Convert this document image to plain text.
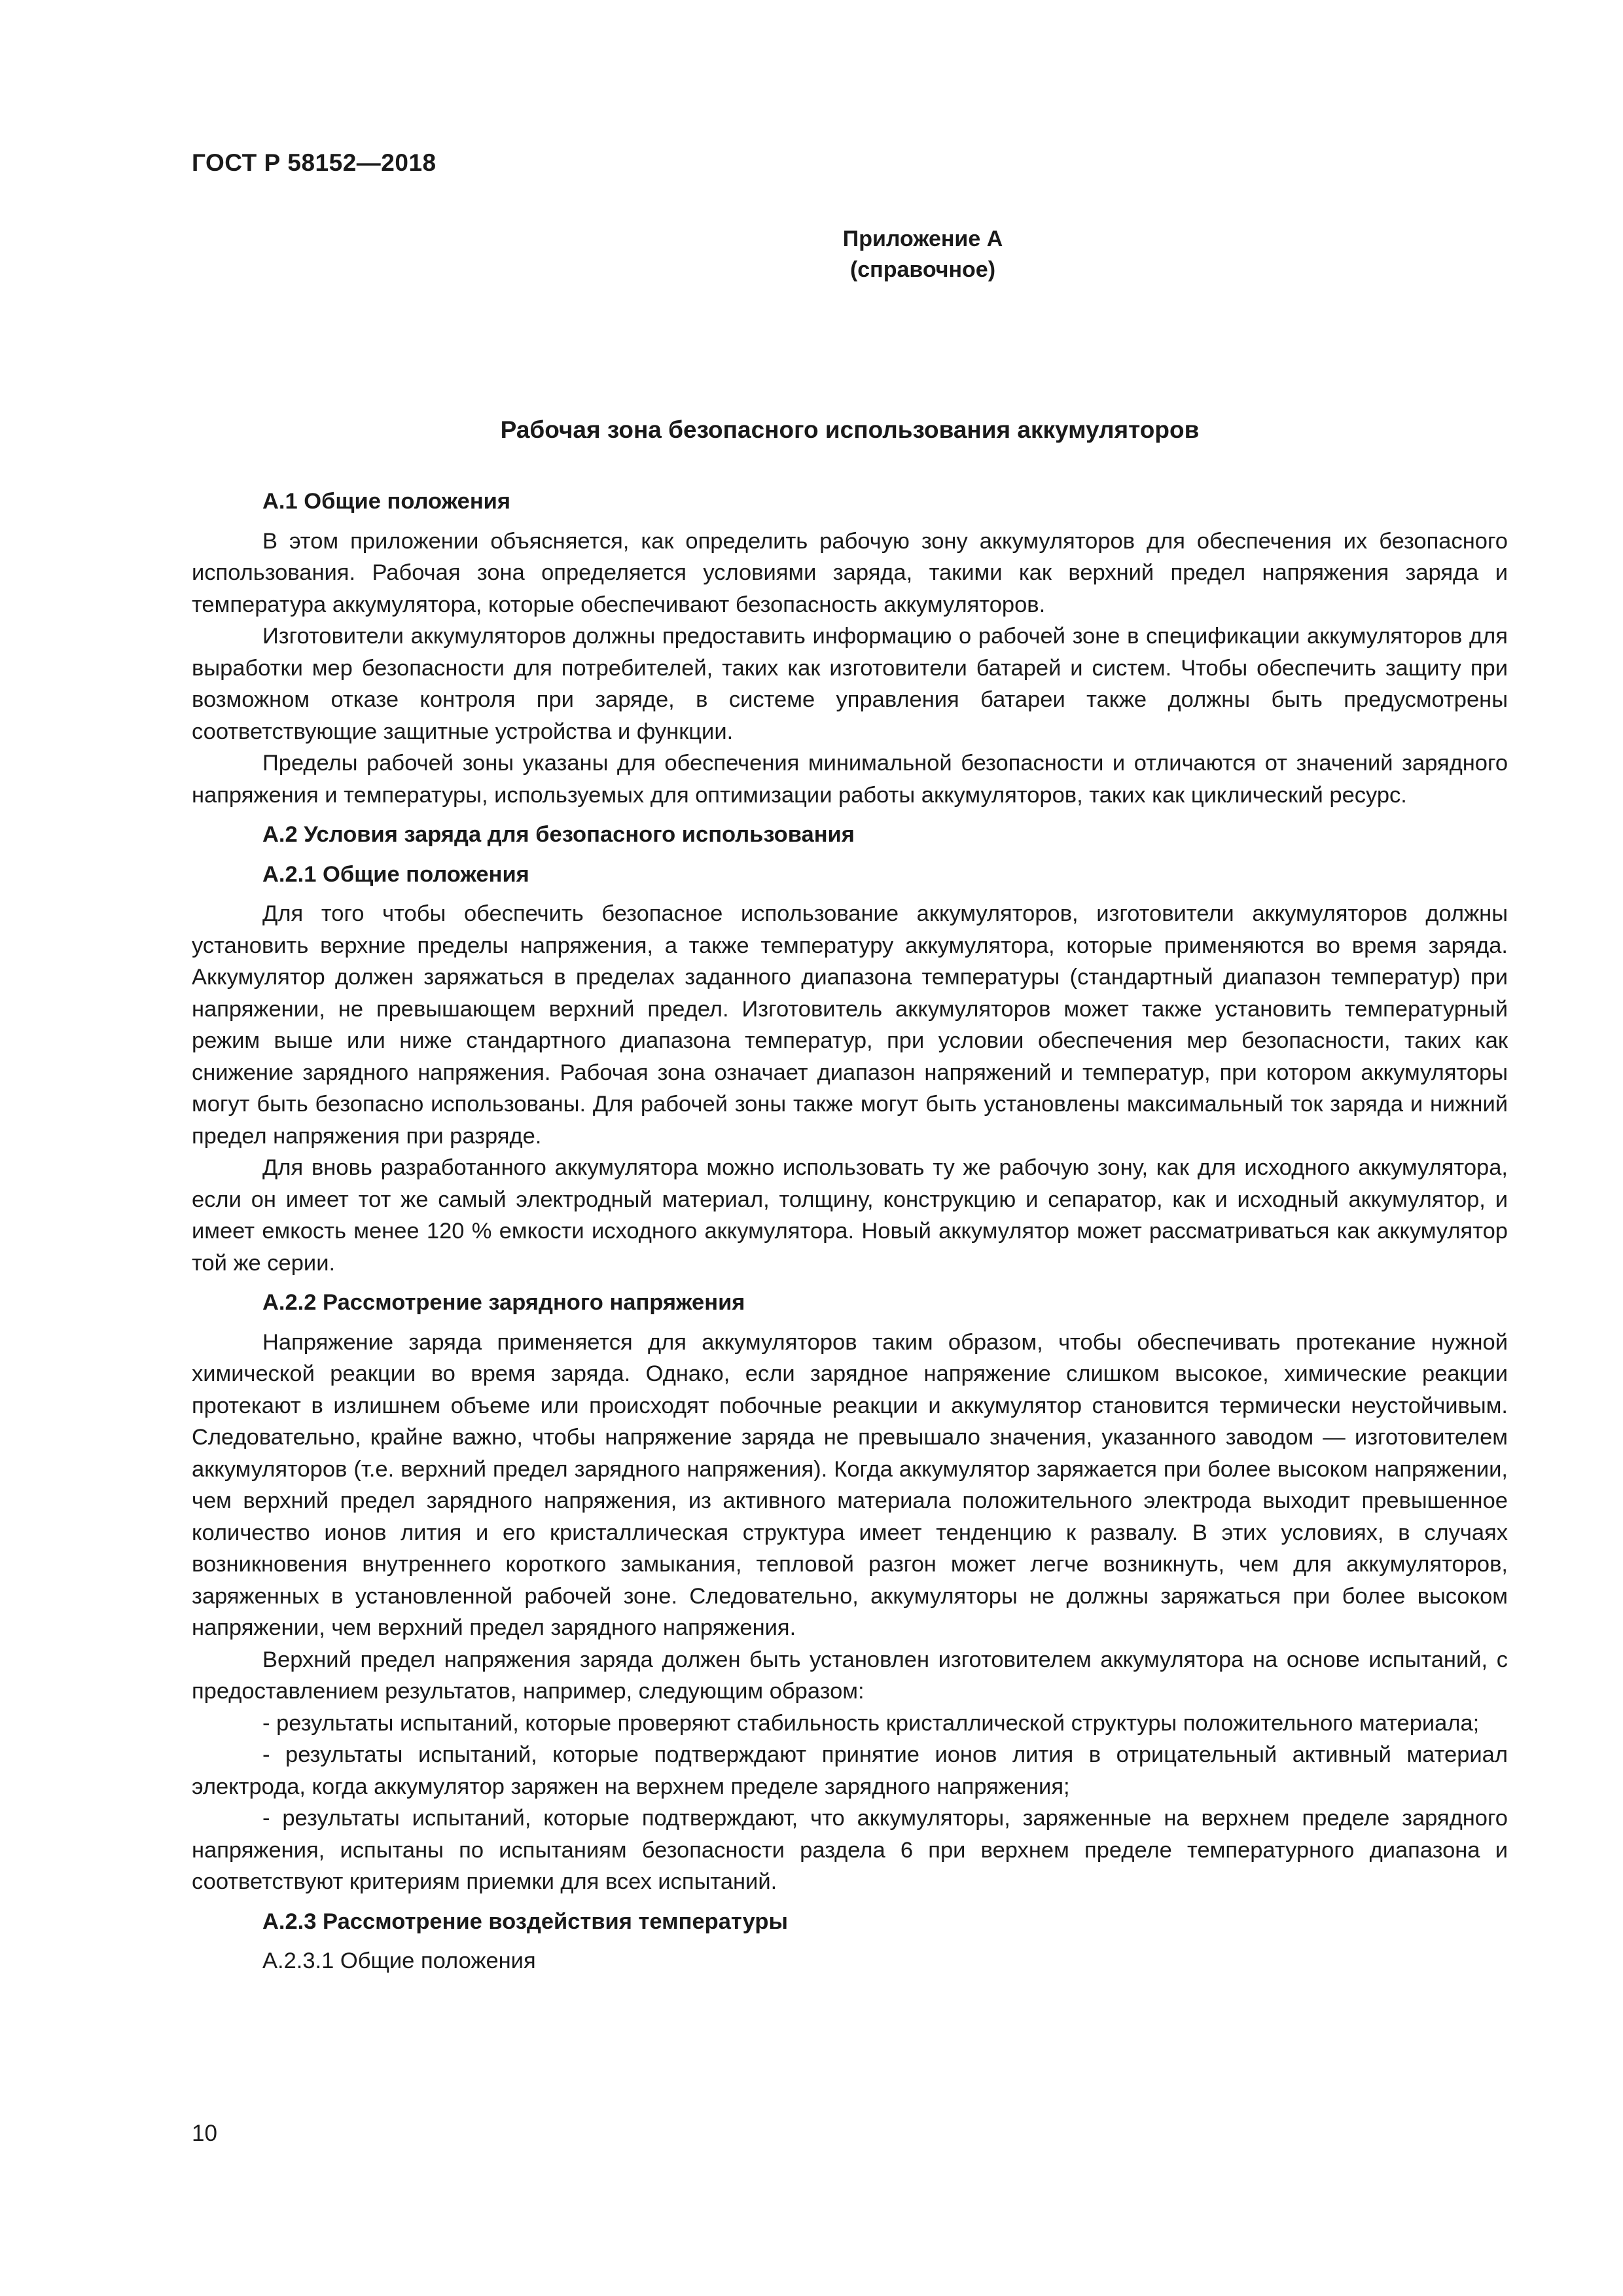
ГОСТ Р 58152—2018

Приложение А

(справочное)

Рабочая зона безопасного использования аккумуляторов
А.1 Общие положения

В этом приложении объясняется, как определить рабочую зону аккумуляторов для обеспечения их безопасного использования. Рабочая зона определяется условиями заряда, такими как верхний предел напряжения заряда и температура аккумулятора, которые обеспечивают безопасность аккумуляторов.

Изготовители аккумуляторов должны предоставить информацию о рабочей зоне в спецификации аккумуляторов для выработки мер безопасности для потребителей, таких как изготовители батарей и систем. Чтобы обеспечить защиту при возможном отказе контроля при заряде, в системе управления батареи также должны быть предусмотрены соответствующие защитные устройства и функции.

Пределы рабочей зоны указаны для обеспечения минимальной безопасности и отличаются от значений зарядного напряжения и температуры, используемых для оптимизации работы аккумуляторов, таких как циклический ресурс.

А.2 Условия заряда для безопасного использования
А.2.1 Общие положения

Для того чтобы обеспечить безопасное использование аккумуляторов, изготовители аккумуляторов должны установить верхние пределы напряжения, а также температуру аккумулятора, которые применяются во время заряда. Аккумулятор должен заряжаться в пределах заданного диапазона температуры (стандартный диапазон температур) при напряжении, не превышающем верхний предел. Изготовитель аккумуляторов может также установить температурный режим выше или ниже стандартного диапазона температур, при условии обеспечения мер безопасности, таких как снижение зарядного напряжения. Рабочая зона означает диапазон напряжений и температур, при котором аккумуляторы могут быть безопасно использованы. Для рабочей зоны также могут быть установлены максимальный ток заряда и нижний предел напряжения при разряде.

Для вновь разработанного аккумулятора можно использовать ту же рабочую зону, как для исходного аккумулятора, если он имеет тот же самый электродный материал, толщину, конструкцию и сепаратор, как и исходный аккумулятор, и имеет емкость менее 120 % емкости исходного аккумулятора. Новый аккумулятор может рассматриваться как аккумулятор той же серии.

А.2.2 Рассмотрение зарядного напряжения

Напряжение заряда применяется для аккумуляторов таким образом, чтобы обеспечивать протекание нужной химической реакции во время заряда. Однако, если зарядное напряжение слишком высокое, химические реакции протекают в излишнем объеме или происходят побочные реакции и аккумулятор становится термически неустойчивым. Следовательно, крайне важно, чтобы напряжение заряда не превышало значения, указанного заводом — изготовителем аккумуляторов (т.е. верхний предел зарядного напряжения). Когда аккумулятор заряжается при более высоком напряжении, чем верхний предел зарядного напряжения, из активного материала положительного электрода выходит превышенное количество ионов лития и его кристаллическая структура имеет тенденцию к развалу. В этих условиях, в случаях возникновения внутреннего короткого замыкания, тепловой разгон может легче возникнуть, чем для аккумуляторов, заряженных в установленной рабочей зоне. Следовательно, аккумуляторы не должны заряжаться при более высоком напряжении, чем верхний предел зарядного напряжения.

Верхний предел напряжения заряда должен быть установлен изготовителем аккумулятора на основе испытаний, с предоставлением результатов, например, следующим образом:

- результаты испытаний, которые проверяют стабильность кристаллической структуры положительного материала;

- результаты испытаний, которые подтверждают принятие ионов лития в отрицательный активный материал электрода, когда аккумулятор заряжен на верхнем пределе зарядного напряжения;

- результаты испытаний, которые подтверждают, что аккумуляторы, заряженные на верхнем пределе зарядного напряжения, испытаны по испытаниям безопасности раздела 6 при верхнем пределе температурного диапазона и соответствуют критериям приемки для всех испытаний.

А.2.3 Рассмотрение воздействия температуры
А.2.3.1 Общие положения

10
